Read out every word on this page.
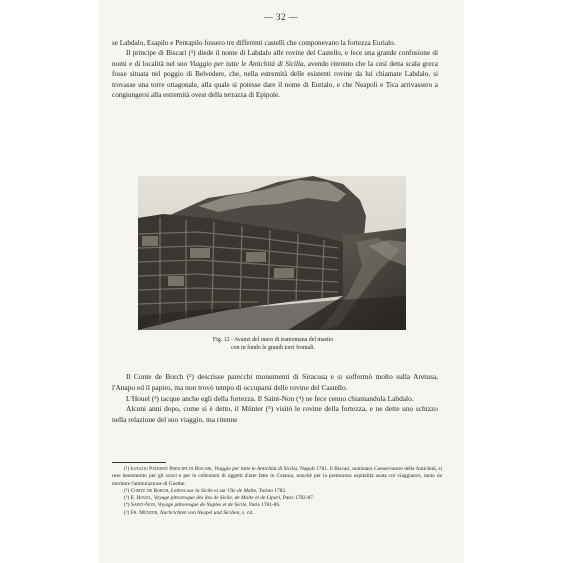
— 32 —

se Labdalo, Esapilo e Pentapilo fossero tre differenti castelli che componevano la fortezza Eurialo.

Il principe di Biscari (¹) diede il nome di Labdalo alle rovine del Castello, e fece una grande confusione di nomi e di località nel suo Viaggio per tutte le Antichità di Sicilia, avendo ritenuto che la così detta scala greca fosse situata nel poggio di Belvedere, che, nella estremità delle esistenti rovine da lui chiamate Labdalo, si trovasse una torre ottagonale, alla quale si potesse dare il nome di Eurialo, e che Neapoli e Tica arrivassero a congiungersi alla estremità ovest della terrazza di Epipole.

Fig. 12 - Avanzi del muro di tramontana del mastio
con in fondo le grandi torri frontali.

Il Conte de Borch (²) descrisse parecchi monumenti di Siracusa e si soffermò molto sulla Aretusa, l'Anapo ed il papiro, ma non trovò tempo di occuparsi delle rovine del Castello.

L'Houel (³) tacque anche egli della fortezza. Il Saint-Non (⁴) ne fece cenno chiamandola Labdalo.

Alcuni anni dopo, come si è detto, il Münter (⁵) visitò le rovine della fortezza, e ne dette uno schizzo nella relazione del suo viaggio, ma ritenne

(¹) Ignazio Paternò Principe di Biscari, Viaggio per tutte le Antichità di Sicilia, Napoli 1781. Il Biscari, nominato Conservatore delle Antichità, si rese benemerito per gli scavi e per le collezioni di oggetti d'arte fatte in Catania, nonchè per la premurosa ospitalità usata coi viaggiatori, tanto da meritare l'ammirazione di Goethe.

(²) Comte de Borch, Lettres sur la Sicile et sur l'île de Malte, Torino 1782.

(³) E. Houel, Voyage pittoresque des îles de Sicile, de Malte et de Lipari, Paris 1782-87.

(⁴) Saint-Non, Voyage pittoresque de Naples et de Sicile, Paris 1781-86.

(⁵) Fr. Münter, Nachrichten von Neapel und Sicilien, s. cit.
